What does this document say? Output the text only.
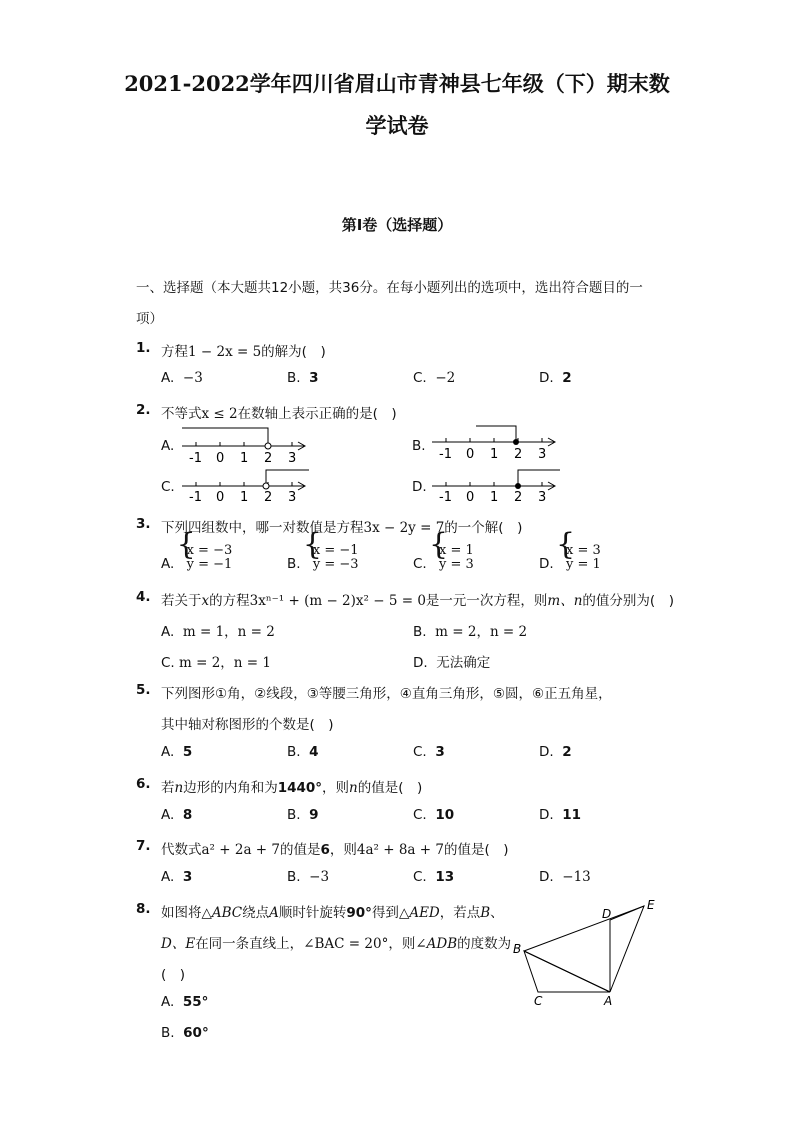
2021-2022学年四川省眉山市青神县七年级（下）期末数
学试卷
第I卷（选择题）
一、选择题（本大题共12小题，共36分。在每小题列出的选项中，选出符合题目的一
项）
1. 方程1 − 2x = 5的解为(　)
A. −3	B. 3	C. −2	D. 2
2. 不等式x ≤ 2在数轴上表示正确的是(　)
A.	B.
C.	D.
-1 0 1 2 3	-1 0 1 2 3
-1 0 1 2 3	-1 0 1 2 3
3. 下列四组数中，哪一对数值是方程3x − 2y = 7的一个解(　)
A. { x = −3
y = −1	B. { x = −1
y = −3	C. { x = 1
y = 3	D. { x = 3
y = 1
4. 若关于x的方程3xⁿ⁻¹ + (m − 2)x² − 5 = 0是一元一次方程，则m、n的值分别为(　)
A. m = 1，n = 2	B. m = 2，n = 2
C. m = 2，n = 1	D. 无法确定
5. 下列图形①角，②线段，③等腰三角形，④直角三角形，⑤圆，⑥正五角星，
其中轴对称图形的个数是(　)
A. 5	B. 4	C. 3	D. 2
6. 若n边形的内角和为1440°，则n的值是(　)
A. 8	B. 9	C. 10	D. 11
7. 代数式a² + 2a + 7的值是6，则4a² + 8a + 7的值是(　)
A. 3	B. −3	C. 13	D. −13
8. 如图将△ABC绕点A顺时针旋转90°得到△AED，若点B、
D、E在同一条直线上，∠BAC = 20°，则∠ADB的度数为
(　)
A. 55°
B. 60°
B
C	A
D
E
